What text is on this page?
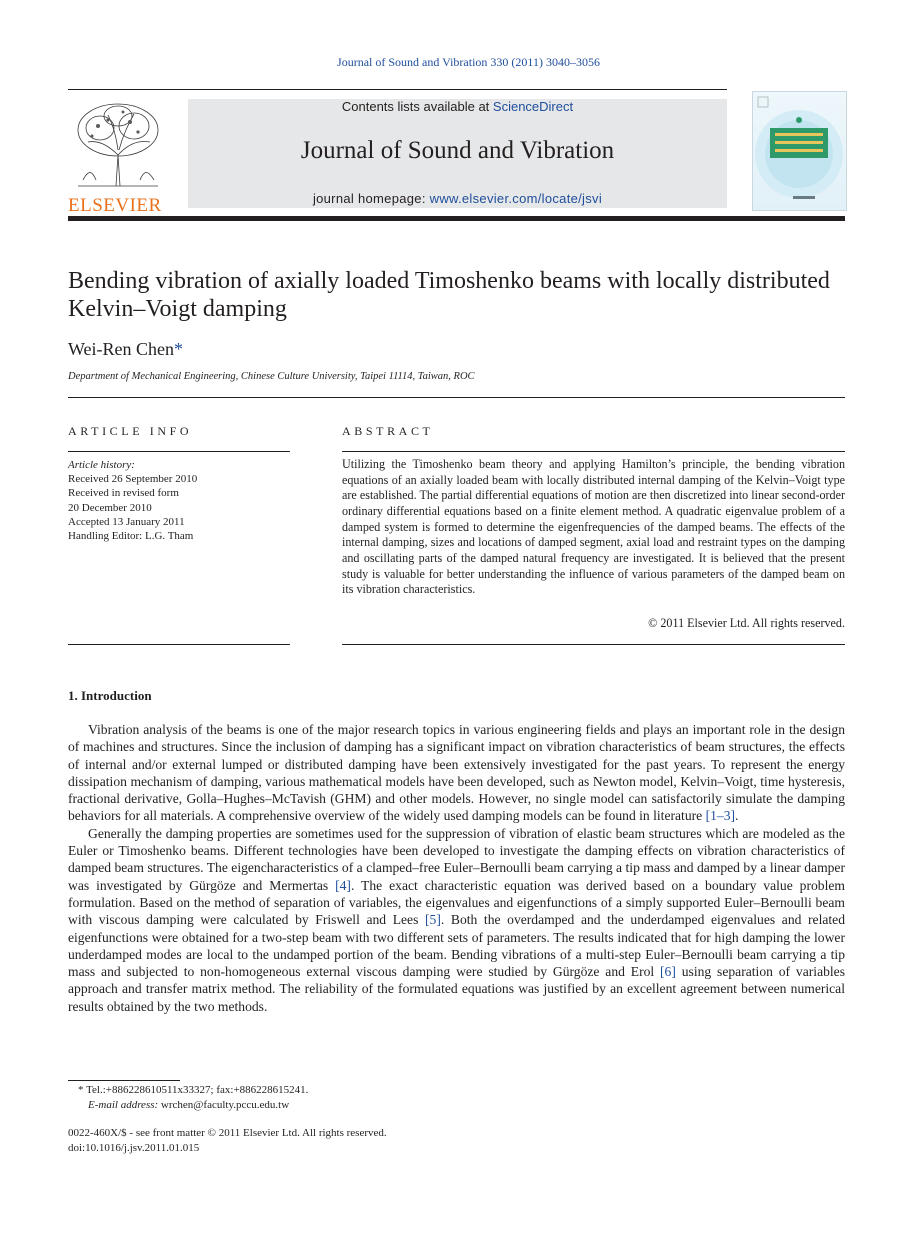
Journal of Sound and Vibration 330 (2011) 3040–3056
ELSEVIER
Contents lists available at ScienceDirect
Journal of Sound and Vibration
journal homepage: www.elsevier.com/locate/jsvi
Bending vibration of axially loaded Timoshenko beams with locally distributed Kelvin–Voigt damping
Wei-Ren Chen*
Department of Mechanical Engineering, Chinese Culture University, Taipei 11114, Taiwan, ROC
ARTICLE INFO
Article history:
Received 26 September 2010
Received in revised form
20 December 2010
Accepted 13 January 2011
Handling Editor: L.G. Tham
ABSTRACT
Utilizing the Timoshenko beam theory and applying Hamilton’s principle, the bending vibration equations of an axially loaded beam with locally distributed internal damping of the Kelvin–Voigt type are established. The partial differential equations of motion are then discretized into linear second-order ordinary differential equations based on a finite element method. A quadratic eigenvalue problem of a damped system is formed to determine the eigenfrequencies of the damped beams. The effects of the internal damping, sizes and locations of damped segment, axial load and restraint types on the damping and oscillating parts of the damped natural frequency are investigated. It is believed that the present study is valuable for better understanding the influence of various parameters of the damped beam on its vibration characteristics.
© 2011 Elsevier Ltd. All rights reserved.
1. Introduction

Vibration analysis of the beams is one of the major research topics in various engineering fields and plays an important role in the design of machines and structures. Since the inclusion of damping has a significant impact on vibration characteristics of beam structures, the effects of internal and/or external lumped or distributed damping have been extensively investigated for the past years. To represent the energy dissipation mechanism of damping, various mathematical models have been developed, such as Newton model, Kelvin–Voigt, time hysteresis, fractional derivative, Golla–Hughes–McTavish (GHM) and other models. However, no single model can satisfactorily simulate the damping behaviors for all materials. A comprehensive overview of the widely used damping models can be found in literature [1–3].

Generally the damping properties are sometimes used for the suppression of vibration of elastic beam structures which are modeled as the Euler or Timoshenko beams. Different technologies have been developed to investigate the damping effects on vibration characteristics of damped beam structures. The eigencharacteristics of a clamped–free Euler–Bernoulli beam carrying a tip mass and damped by a linear damper was investigated by Gürgöze and Mermertas [4]. The exact characteristic equation was derived based on a boundary value problem formulation. Based on the method of separation of variables, the eigenvalues and eigenfunctions of a simply supported Euler–Bernoulli beam with viscous damping were calculated by Friswell and Lees [5]. Both the overdamped and the underdamped eigenvalues and related eigenfunctions were obtained for a two-step beam with two different sets of parameters. The results indicated that for high damping the lower underdamped modes are local to the undamped portion of the beam. Bending vibrations of a multi-step Euler–Bernoulli beam carrying a tip mass and subjected to non-homogeneous external viscous damping were studied by Gürgöze and Erol [6] using separation of variables approach and transfer matrix method. The reliability of the formulated equations was justified by an excellent agreement between numerical results obtained by the two methods.

* Tel.:+886228610511x33327; fax:+886228615241.
E-mail address: wrchen@faculty.pccu.edu.tw
0022-460X/$ - see front matter © 2011 Elsevier Ltd. All rights reserved.
doi:10.1016/j.jsv.2011.01.015
